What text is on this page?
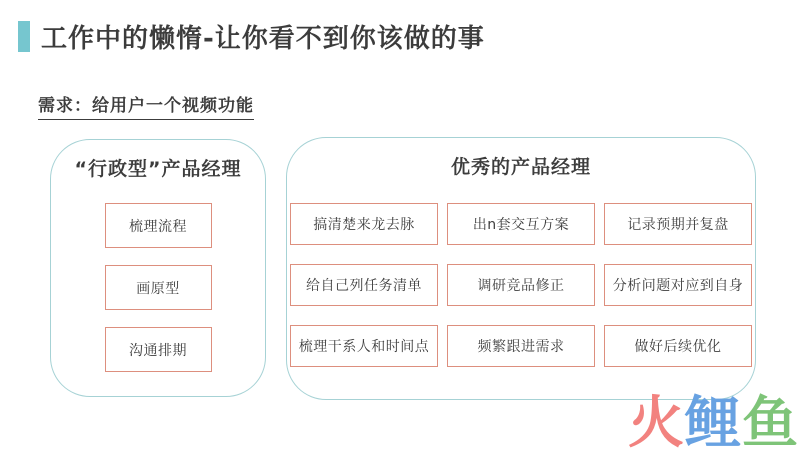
工作中的懒惰-让你看不到你该做的事
需求：给用户一个视频功能
“行政型”产品经理
梳理流程
画原型
沟通排期
优秀的产品经理
搞清楚来龙去脉	出n套交互方案	记录预期并复盘
给自己列任务清单	调研竞品修正	分析问题对应到自身
梳理干系人和时间点	频繁跟进需求	做好后续优化
火鲤鱼
